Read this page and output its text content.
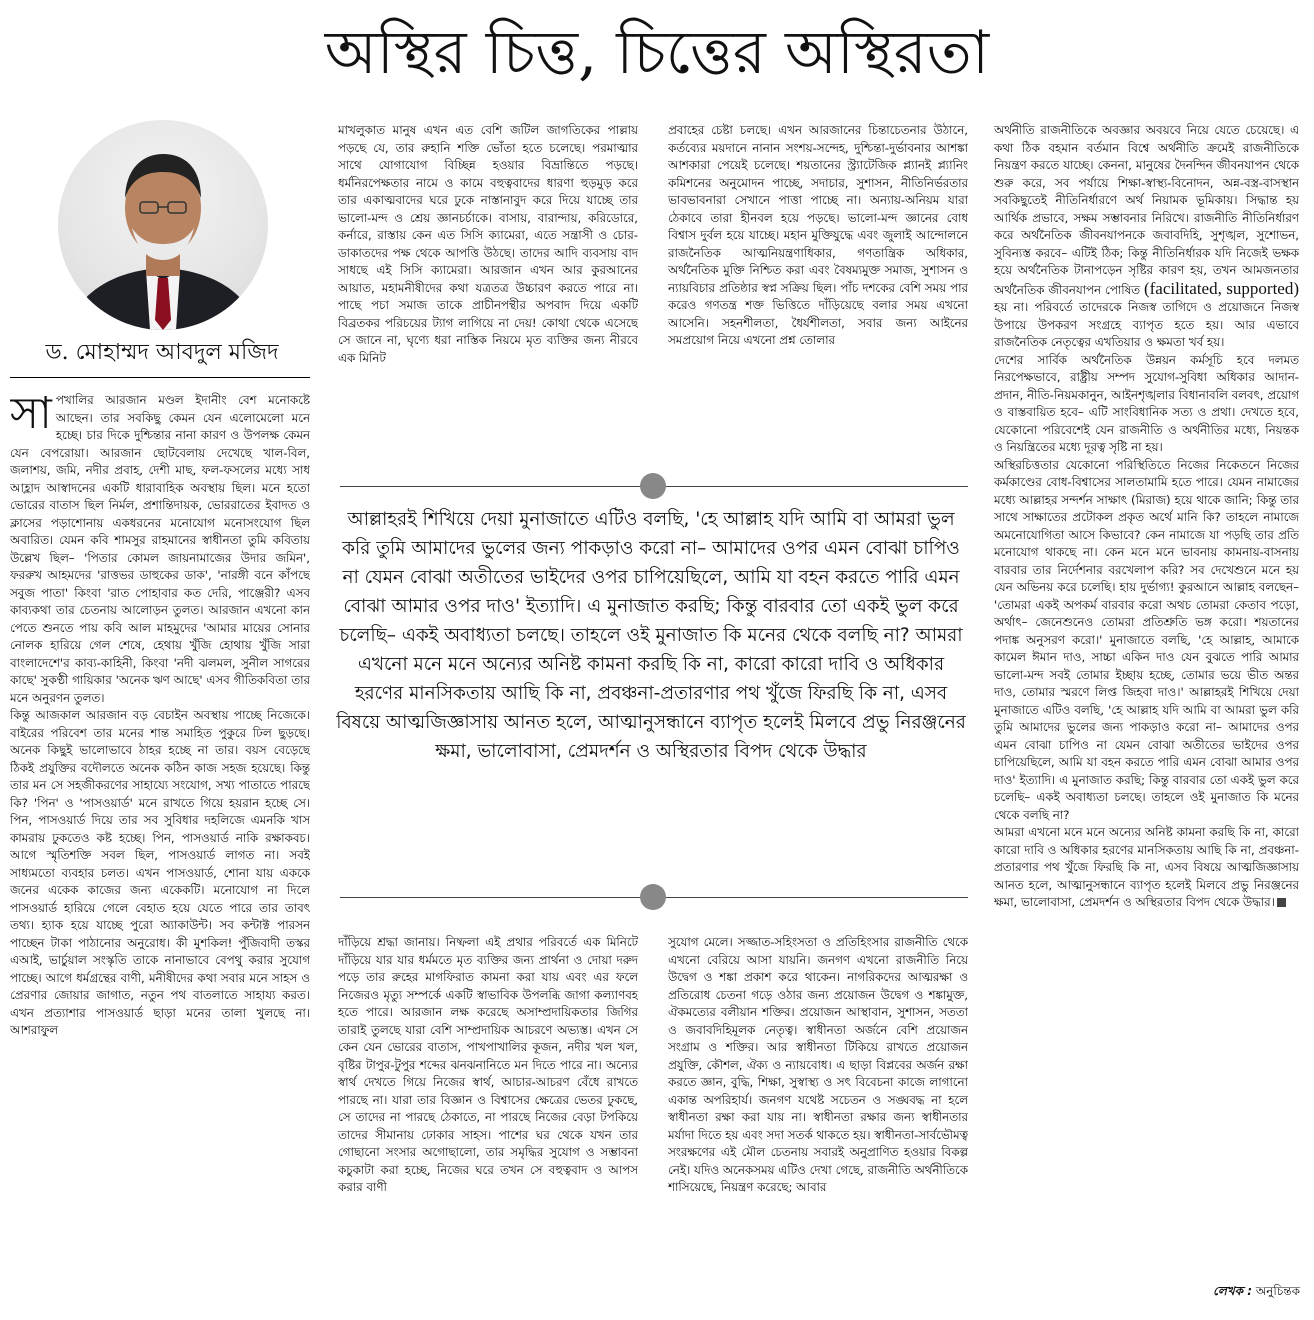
অস্থির চিত্ত, চিত্তের অস্থিরতা
ড. মোহাম্মদ আবদুল মজিদ
সা পখালির আরজান মণ্ডল ইদানীং বেশ মনোকষ্টে আছেন। তার সবকিছু কেমন যেন এলোমেলো মনে হচ্ছে। চার দিকে দুশ্চিন্তার নানা কারণ ও উপলক্ষ কেমন যেন বেপরোয়া। আরজান ছোটবেলায় দেখেছে খাল-বিল, জলাশয়, জমি, নদীর প্রবাহ, দেশী মাছ, ফল-ফসলের মধ্যে সাধ আহ্লাদ আস্বাদনের একটি ধারাবাহিক অবস্থায় ছিল। মনে হতো ভোরের বাতাস ছিল নির্মল, প্রশান্তিদায়ক, ভোররাতের ইবাদত ও ক্লাসের পড়াশোনায় একধরনের মনোযোগ মনোসংযোগ ছিল অবারিত। যেমন কবি শামসুর রাহমানের স্বাধীনতা তুমি কবিতায় উল্লেখ ছিল– 'পিতার কোমল জায়নামাজের উদার জমিন', ফররুখ আহমদের 'রাত্তভর ডাহুকের ডাক', 'নারঙ্গী বনে কাঁপছে সবুজ পাতা' কিংবা 'রাত পোহাবার কত দেরি, পাঞ্জেরী? এসব কাব্যকথা তার চেতনায় আলোড়ন তুলত। আরজান এখনো কান পেতে শুনতে পায় কবি আল মাহমুদের 'আমার মায়ের সোনার নোলক হারিয়ে গেল শেষে, হেথায় খুঁজি হোথায় খুঁজি সারা বাংলাদেশে'র কাব্য-কাহিনী, কিংবা 'নদী ঝলমল, সুনীল সাগরের কাছে' সুকণ্ঠী গায়িকার 'অনেক ঋণ আছে' এসব গীতিকবিতা তার মনে অনুরণন তুলত।

কিন্তু আজকাল আরজান বড় বেচাইন অবস্থায় পাচ্ছে নিজেকে। বাইরের পরিবেশ তার মনের শান্ত সমাহিত পুকুরে ঢিল ছুড়ছে। অনেক কিছুই ভালোভাবে ঠাহর হচ্ছে না তার। বয়স বেড়েছে ঠিকই প্রযুক্তির বদৌলতে অনেক কঠিন কাজ সহজ হয়েছে। কিন্তু তার মন সে সহজীকরণের সাহায্যে সংযোগ, সখ্য পাতাতে পারছে কি? 'পিন' ও 'পাসওয়ার্ড' মনে রাখতে গিয়ে হয়রান হচ্ছে সে। পিন, পাসওয়ার্ড দিয়ে তার সব সুবিধার দহলিজে এমনকি খাস কামরায় ঢুকতেও কষ্ট হচ্ছে। পিন, পাসওয়ার্ড নাকি রক্ষাকবচ। আগে স্মৃতিশক্তি সবল ছিল, পাসওয়ার্ড লাগত না। সবই সাধ্যমতো ব্যবহার চলত। এখন পাসওয়ার্ড, শোনা যায় এককে জনের একেক কাজের জন্য একেকটি। মনোযোগ না দিলে পাসওয়ার্ড হারিয়ে গেলে বেহাত হয়ে যেতে পারে তার তাবৎ তথ্য। হ্যাক হয়ে যাচ্ছে পুরো অ্যাকাউন্ট। সব কন্টাক্ট পারসন পাচ্ছেন টাকা পাঠানোর অনুরোধ। কী মুশকিল! পুঁজিবাদী তস্কর এআই, ভার্চুয়াল সংস্কৃতি তাকে নানাভাবে বেপথু করার সুযোগ পাচ্ছে। আগে ধর্মগ্রন্থের বাণী, মনীষীদের কথা সবার মনে সাহস ও প্রেরণার জোয়ার জাগাত, নতুন পথ বাতলাতে সাহায্য করত। এখন প্রত্যাশার পাসওয়ার্ড ছাড়া মনের তালা খুলছে না। আশরাফুল

মাখলুকাত মানুষ এখন এত বেশি জটিল জাগতিকের পাল্লায় পড়ছে যে, তার রুহানি শক্তি ভোঁতা হতে চলেছে। পরমাত্মার সাথে যোগাযোগ বিচ্ছিন্ন হওয়ার বিভ্রান্তিতে পড়ছে। ধর্মনিরপেক্ষতার নামে ও কামে বহুত্ববাদের ধারণা হুড়মুড় করে তার একাত্মবাদের ঘরে ঢুকে নাস্তানাবুদ করে দিয়ে যাচ্ছে তার ভালো-মন্দ ও শ্রেয় জ্ঞানচর্চাকে। বাসায়, বারান্দায়, করিডোরে, কর্নারে, রাস্তায় কেন এত সিসি ক্যামেরা, এতে সন্ত্রাসী ও চোর-ডাকাতদের পক্ষ থেকে আপত্তি উঠছে। তাদের আদি ব্যবসায় বাদ সাধছে এই সিসি ক্যামেরা। আরজান এখন আর কুরআনের আয়াত, মহামনীষীদের কথা যত্রতত্র উচ্চারণ করতে পারে না। পাছে পচা সমাজ তাকে প্রাচীনপন্থীর অপবাদ দিয়ে একটি বিব্রতকর পরিচয়ের ট্যাগ লাগিয়ে না দেয়! কোথা থেকে এসেছে সে জানে না, ঘৃণ্যে ধরা নাস্তিক নিয়মে মৃত ব্যক্তির জন্য নীরবে এক মিনিট

প্রবাহের চেষ্টা চলছে। এখন আরজানের চিন্তাচেতনার উঠানে, কর্তব্যের ময়দানে নানান সংশয়-সন্দেহ, দুশ্চিন্তা-দুর্ভাবনার আশঙ্কা আশকারা পেয়েই চলেছে। শয়তানের স্ট্র্যাটেজিক প্ল্যানই প্ল্যানিং কমিশনের অনুমোদন পাচ্ছে, সদাচার, সুশাসন, নীতিনির্ভরতার ভাবভাবনারা সেখানে পাত্তা পাচ্ছে না। অন্যায়-অনিয়ম যারা ঠেকাবে তারা হীনবল হয়ে পড়ছে। ভালো-মন্দ জ্ঞানের বোধ বিশ্বাস দুর্বল হয়ে যাচ্ছে। মহান মুক্তিযুদ্ধে এবং জুলাই আন্দোলনে রাজনৈতিক আত্মনিয়ন্ত্রণাধিকার, গণতান্ত্রিক অধিকার, অর্থনৈতিক মুক্তি নিশ্চিত করা এবং বৈষম্যমুক্ত সমাজ, সুশাসন ও ন্যায়বিচার প্রতিষ্ঠার স্বপ্ন সক্রিয় ছিল। পাঁচ দশকের বেশি সময় পার করেও গণতন্ত্র শক্ত ভিত্তিতে দাঁড়িয়েছে বলার সময় এখনো আসেনি। সহনশীলতা, ধৈর্যশীলতা, সবার জন্য আইনের সমপ্রয়োগ নিয়ে এখনো প্রশ্ন তোলার

আল্লাহরই শিখিয়ে দেয়া মুনাজাতে এটিও বলছি, 'হে আল্লাহ যদি আমি বা আমরা ভুল করি তুমি আমাদের ভুলের জন্য পাকড়াও করো না– আমাদের ওপর এমন বোঝা চাপিও না যেমন বোঝা অতীতের ভাইদের ওপর চাপিয়েছিলে, আমি যা বহন করতে পারি এমন বোঝা আমার ওপর দাও' ইত্যাদি। এ মুনাজাত করছি; কিন্তু বারবার তো একই ভুল করে চলেছি– একই অবাধ্যতা চলছে। তাহলে ওই মুনাজাত কি মনের থেকে বলছি না? আমরা এখনো মনে মনে অন্যের অনিষ্ট কামনা করছি কি না, কারো কারো দাবি ও অধিকার হরণের মানসিকতায় আছি কি না, প্রবঞ্চনা-প্রতারণার পথ খুঁজে ফিরছি কি না, এসব বিষয়ে আত্মজিজ্ঞাসায় আনত হলে, আত্মানুসন্ধানে ব্যাপৃত হলেই মিলবে প্রভু নিরঞ্জনের ক্ষমা, ভালোবাসা, প্রেমদর্শন ও অস্থিরতার বিপদ থেকে উদ্ধার

দাঁড়িয়ে শ্রদ্ধা জানায়। নিষ্ফলা এই প্রথার পরিবর্তে এক মিনিটে দাঁড়িয়ে যার যার ধর্মমতে মৃত ব্যক্তির জন্য প্রার্থনা ও দোয়া দরুদ পড়ে তার রুহের মাগফিরাত কামনা করা যায় এবং এর ফলে নিজেরও মৃত্যু সম্পর্কে একটি স্বাভাবিক উপলব্ধি জাগা কল্যাণবহ হতে পারে। আরজান লক্ষ করেছে অসাম্প্রদায়িকতার জিগির তারাই তুলছে যারা বেশি সাম্প্রদায়িক আচরণে অভ্যস্ত। এখন সে কেন যেন ভোরের বাতাস, পাখপাখালির কূজন, নদীর খল খল, বৃষ্টির টাপুর-টুপুর শব্দের ঝনঝনানিতে মন দিতে পারে না। অন্যের স্বার্থ দেখতে গিয়ে নিজের স্বার্থ, আচার-আচরণ বেঁধে রাখতে পারছে না। যারা তার বিজ্ঞান ও বিশ্বাসের ক্ষেত্রের ভেতর ঢুকছে, সে তাদের না পারছে ঠেকাতে, না পারছে নিজের বেড়া টপকিয়ে তাদের সীমানায় ঢোকার সাহস। পাশের ঘর থেকে যখন তার গোছানো সংসার অগোছালো, তার সমৃদ্ধির সুযোগ ও সম্ভাবনা কচুকাটা করা হচ্ছে, নিজের ঘরে তখন সে বহুত্ববাদ ও আপস করার বাণী

সুযোগ মেলে। সজ্জাত-সহিংসতা ও প্রতিহিংসার রাজনীতি থেকে এখনো বেরিয়ে আসা যায়নি। জনগণ এখনো রাজনীতি নিয়ে উদ্বেগ ও শঙ্কা প্রকাশ করে থাকেন। নাগরিকদের আত্মরক্ষা ও প্রতিরোধ চেতনা গড়ে ওঠার জন্য প্রয়োজন উদ্বেগ ও শঙ্কামুক্ত, ঐকমত্যের বলীয়ান শক্তির। প্রয়োজন আস্থাবান, সুশাসন, সততা ও জবাবদিহিমূলক নেতৃত্ব। স্বাধীনতা অর্জনে বেশি প্রয়োজন সংগ্রাম ও শক্তির। আর স্বাধীনতা টিকিয়ে রাখতে প্রয়োজন প্রযুক্তি, কৌশল, ঐক্য ও ন্যায়বোধ। এ ছাড়া বিপ্লবের অর্জন রক্ষা করতে জ্ঞান, বুদ্ধি, শিক্ষা, সুস্বাস্থ্য ও সৎ বিবেচনা কাজে লাগানো একান্ত অপরিহার্য। জনগণ যথেষ্ট সচেতন ও সঙ্ঘবদ্ধ না হলে স্বাধীনতা রক্ষা করা যায় না। স্বাধীনতা রক্ষার জন্য স্বাধীনতার মর্যাদা দিতে হয় এবং সদা সতর্ক থাকতে হয়। স্বাধীনতা-সার্বভৌমত্ব সংরক্ষণের এই মৌল চেতনায় সবারই অনুপ্রাণিত হওয়ার বিকল্প নেই। যদিও অনেকসময় এটিও দেখা গেছে, রাজনীতি অর্থনীতিকে শাসিয়েছে, নিয়ন্ত্রণ করেছে; আবার

অর্থনীতি রাজনীতিকে অবজ্ঞার অবয়বে নিয়ে যেতে চেয়েছে। এ কথা ঠিক বহমান বর্তমান বিশ্বে অর্থনীতি ক্রমেই রাজনীতিকে নিয়ন্ত্রণ করতে যাচ্ছে। কেননা, মানুষের দৈনন্দিন জীবনযাপন থেকে শুরু করে, সব পর্যায়ে শিক্ষা-স্বাস্থ্য-বিনোদন, অন্ন-বস্ত্র-বাসস্থান সবকিছুতেই নীতিনির্ধারণে অর্থ নিয়ামক ভূমিকায়। সিদ্ধান্ত হয় আর্থিক প্রভাবে, সক্ষম সম্ভাবনার নিরিখে। রাজনীতি নীতিনির্ধারণ করে অর্থনৈতিক জীবনযাপনকে জবাবদিহি, সুশৃঙ্খল, সুশোভন, সুবিন্যস্ত করবে– এটিই ঠিক; কিন্তু নীতিনির্ধারক যদি নিজেই ভক্ষক হয়ে অর্থনৈতিক টানাপড়েন সৃষ্টির কারণ হয়, তখন আমজনতার অর্থনৈতিক জীবনযাপন পোষিত (facilitated, supported) হয় না। পরিবর্তে তাদেরকে নিজস্ব তাগিদে ও প্রয়োজনে নিজস্ব উপায়ে উপকরণ সংগ্রহে ব্যাপৃত হতে হয়। আর এভাবে রাজনৈতিক নেতৃত্বের এখতিয়ার ও ক্ষমতা খর্ব হয়।

দেশের সার্বিক অর্থনৈতিক উন্নয়ন কর্মসূচি হবে দলমত নিরপেক্ষভাবে, রাষ্ট্রীয় সম্পদ সুযোগ-সুবিধা অধিকার আদান-প্রদান, নীতি-নিয়মকানুন, আইনশৃঙ্খলার বিধানাবলি বলবৎ, প্রয়োগ ও বাস্তবায়িত হবে– এটি সাংবিধানিক সত্য ও প্রথা। দেখতে হবে, যেকোনো পরিবেশেই যেন রাজনীতি ও অর্থনীতির মধ্যে, নিয়ন্তক ও নিয়ন্ত্রিতের মধ্যে দূরত্ব সৃষ্টি না হয়।

অস্থিরচিত্ততার যেকোনো পরিস্থিতিতে নিজের নিকেতনে নিজের কর্মকাণ্ডের বোধ-বিশ্বাসের সালতামামি হতে পারে। যেমন নামাজের মধ্যে আল্লাহর সন্দর্শন সাক্ষাৎ (মিরাজ) হয়ে থাকে জানি; কিন্তু তার সাথে সাক্ষাতের প্রটোকল প্রকৃত অর্থে মানি কি? তাহলে নামাজে অমনোযোগিতা আসে কিভাবে? কেন নামাজে যা পড়ছি তার প্রতি মনোযোগ থাকছে না। কেন মনে মনে ভাবনায় কামনায়-বাসনায় বারবার তার নির্দেশনার বরখেলাপ করি? সব দেখেশুনে মনে হয় যেন অভিনয় করে চলেছি। হায় দুর্ভাগ্য! কুরআনে আল্লাহ বলছেন– 'তোমরা একই অপকর্ম বারবার করো অথচ তোমরা কেতাব পড়ো, অর্থাৎ– জেনেশুনেও তোমরা প্রতিশ্রুতি ভঙ্গ করো। শয়তানের পদাঙ্ক অনুসরণ করো।' মুনাজাতে বলছি, 'হে আল্লাহ, আমাকে কামেল ঈমান দাও, সাচ্চা একিন দাও যেন বুঝতে পারি আমার ভালো-মন্দ সবই তোমার ইচ্ছায় হচ্ছে, তোমার ভয়ে ভীত অন্তর দাও, তোমার স্মরণে লিপ্ত জিহবা দাও।' আল্লাহরই শিখিয়ে দেয়া মুনাজাতে এটিও বলছি, 'হে আল্লাহ যদি আমি বা আমরা ভুল করি তুমি আমাদের ভুলের জন্য পাকড়াও করো না– আমাদের ওপর এমন বোঝা চাপিও না যেমন বোঝা অতীতের ভাইদের ওপর চাপিয়েছিলে, আমি যা বহন করতে পারি এমন বোঝা আমার ওপর দাও' ইত্যাদি। এ মুনাজাত করছি; কিন্তু বারবার তো একই ভুল করে চলেছি– একই অবাধ্যতা চলছে। তাহলে ওই মুনাজাত কি মনের থেকে বলছি না?

আমরা এখনো মনে মনে অন্যের অনিষ্ট কামনা করছি কি না, কারো কারো দাবি ও অধিকার হরণের মানসিকতায় আছি কি না, প্রবঞ্চনা-প্রতারণার পথ খুঁজে ফিরছি কি না, এসব বিষয়ে আত্মজিজ্ঞাসায় আনত হলে, আত্মানুসন্ধানে ব্যাপৃত হলেই মিলবে প্রভু নিরঞ্জনের ক্ষমা, ভালোবাসা, প্রেমদর্শন ও অস্থিরতার বিপদ থেকে উদ্ধার।

লেখক : অনুচিন্তক
